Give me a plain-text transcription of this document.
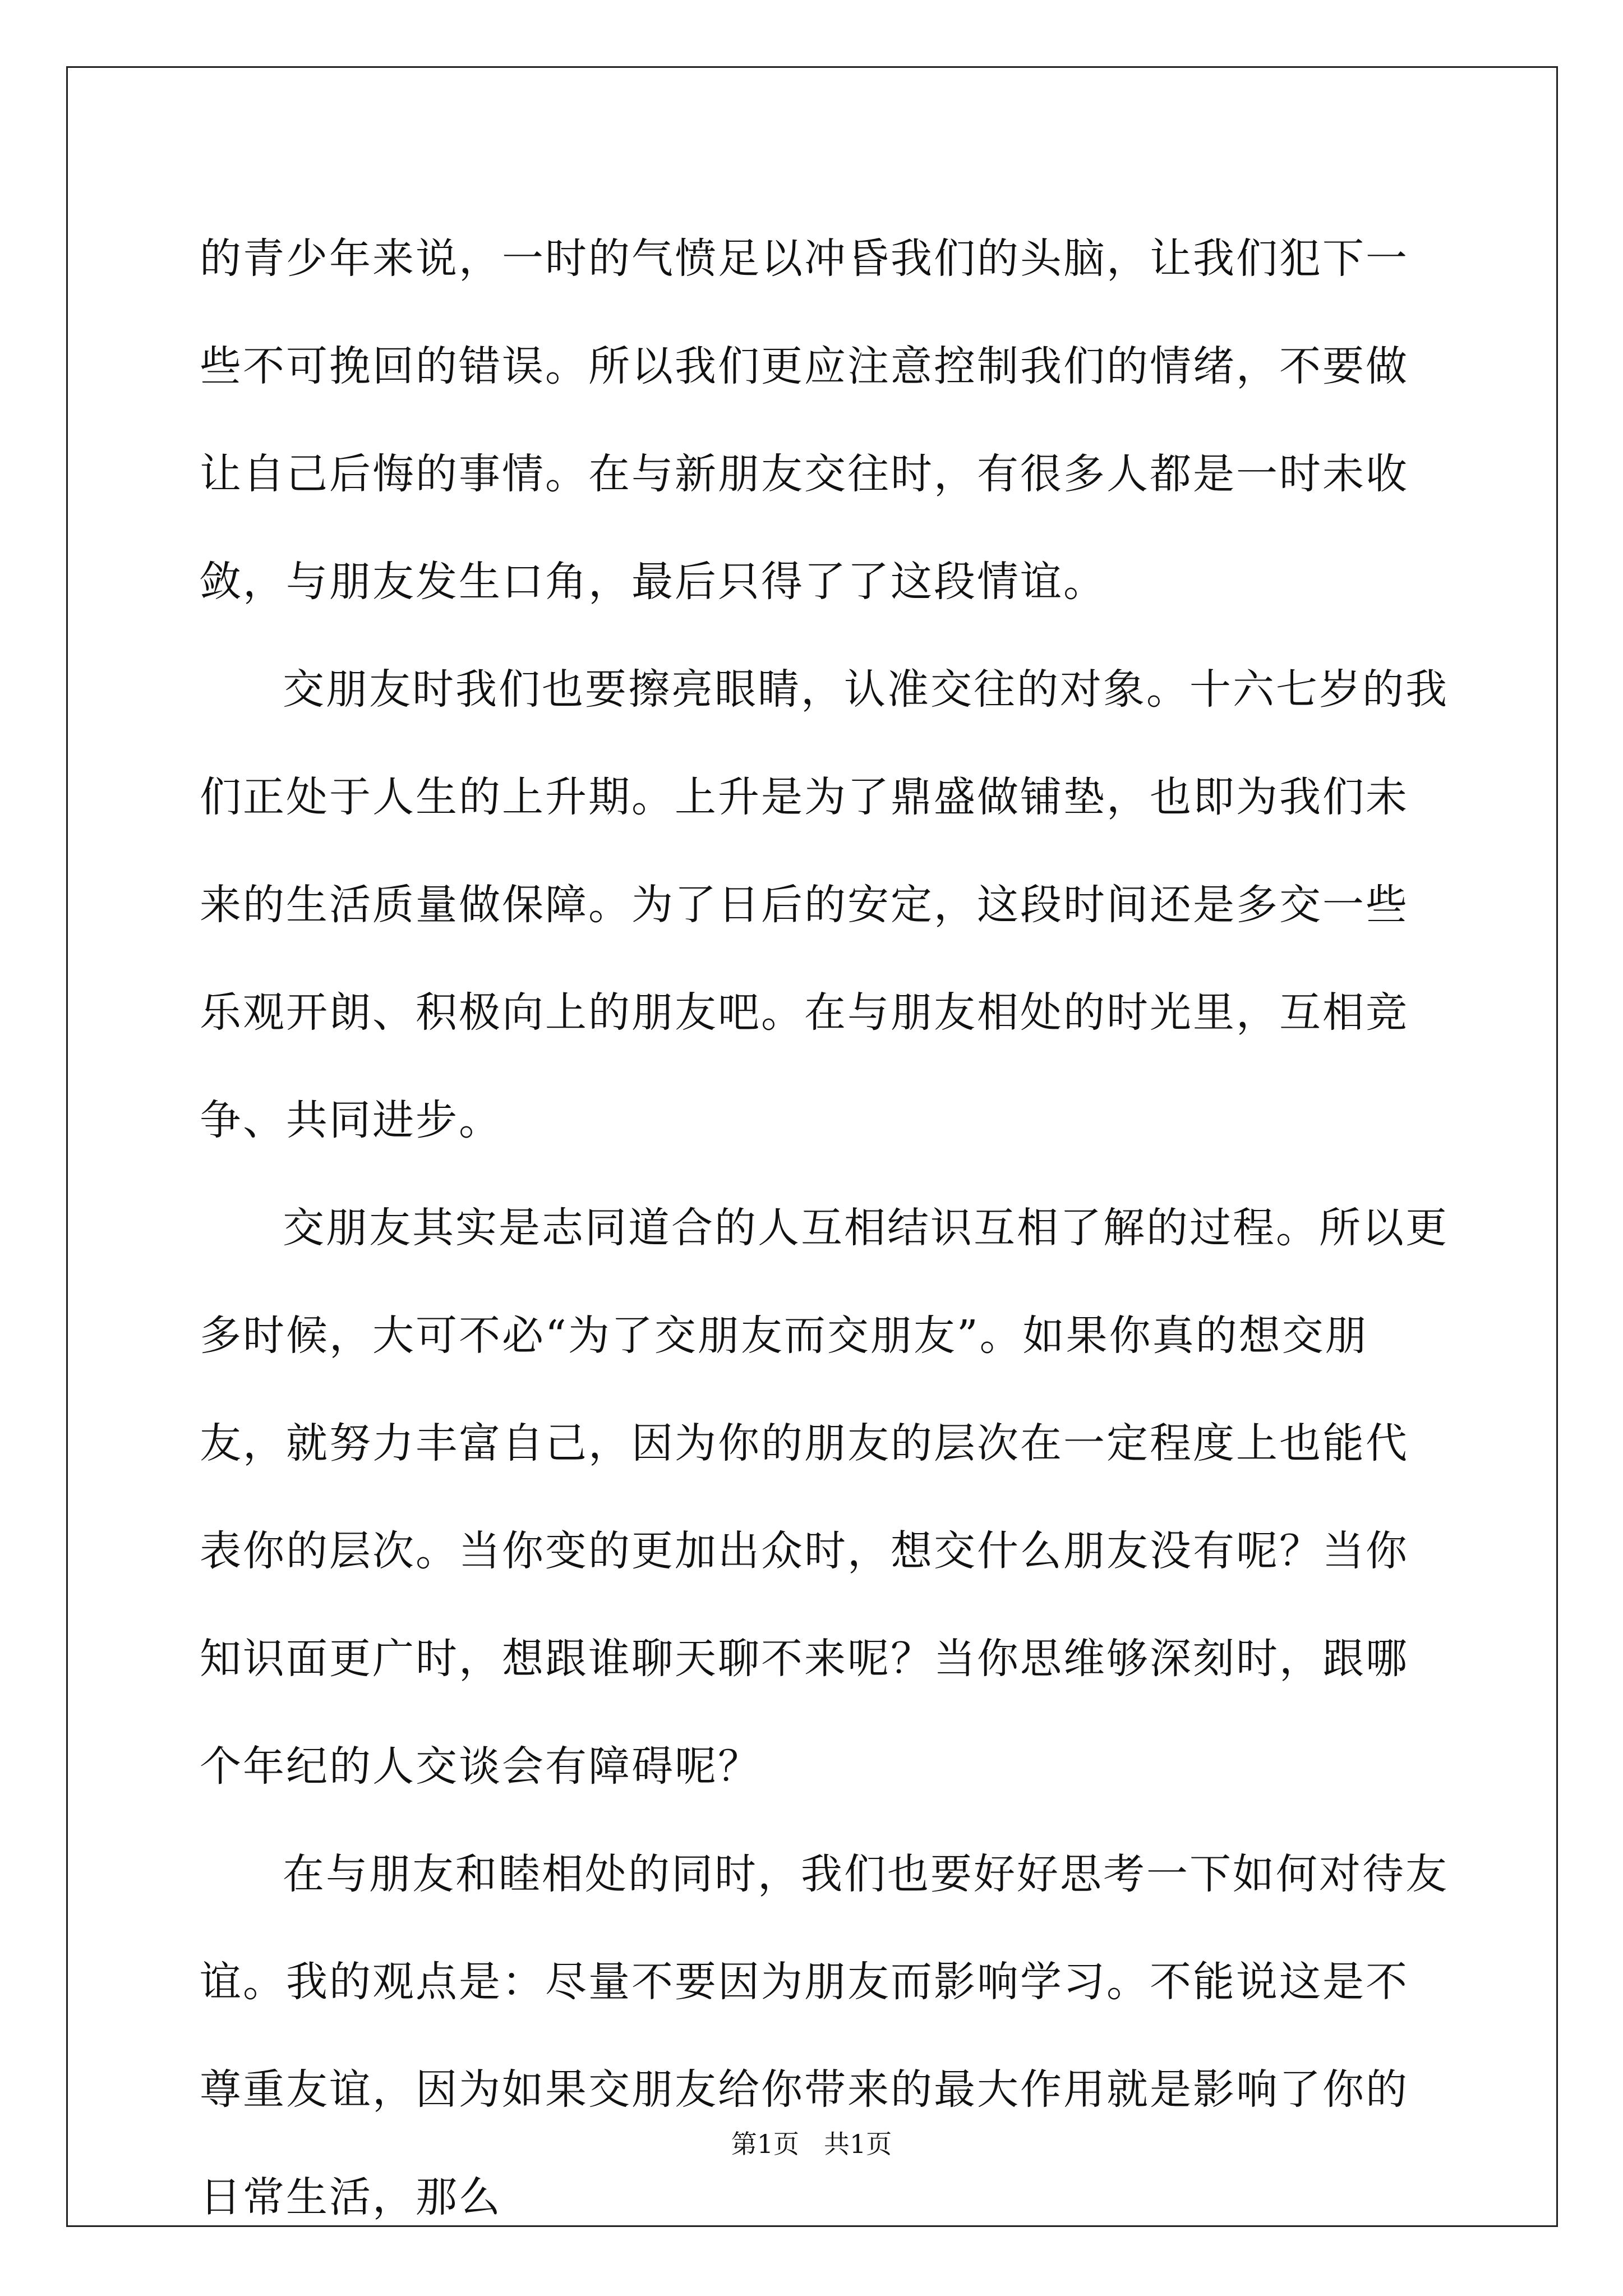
的青少年来说，一时的气愤足以冲昏我们的头脑，让我们犯下一些不可挽回的错误。所以我们更应注意控制我们的情绪，不要做让自己后悔的事情。在与新朋友交往时，有很多人都是一时未收敛，与朋友发生口角，最后只得了了这段情谊。

交朋友时我们也要擦亮眼睛，认准交往的对象。十六七岁的我们正处于人生的上升期。上升是为了鼎盛做铺垫，也即为我们未来的生活质量做保障。为了日后的安定，这段时间还是多交一些乐观开朗、积极向上的朋友吧。在与朋友相处的时光里，互相竞争、共同进步。

交朋友其实是志同道合的人互相结识互相了解的过程。所以更多时候，大可不必“为了交朋友而交朋友”。如果你真的想交朋友，就努力丰富自己，因为你的朋友的层次在一定程度上也能代表你的层次。当你变的更加出众时，想交什么朋友没有呢？当你知识面更广时，想跟谁聊天聊不来呢？当你思维够深刻时，跟哪个年纪的人交谈会有障碍呢？

在与朋友和睦相处的同时，我们也要好好思考一下如何对待友谊。我的观点是：尽量不要因为朋友而影响学习。不能说这是不尊重友谊，因为如果交朋友给你带来的最大作用就是影响了你的日常生活，那么

第1页 共1页
